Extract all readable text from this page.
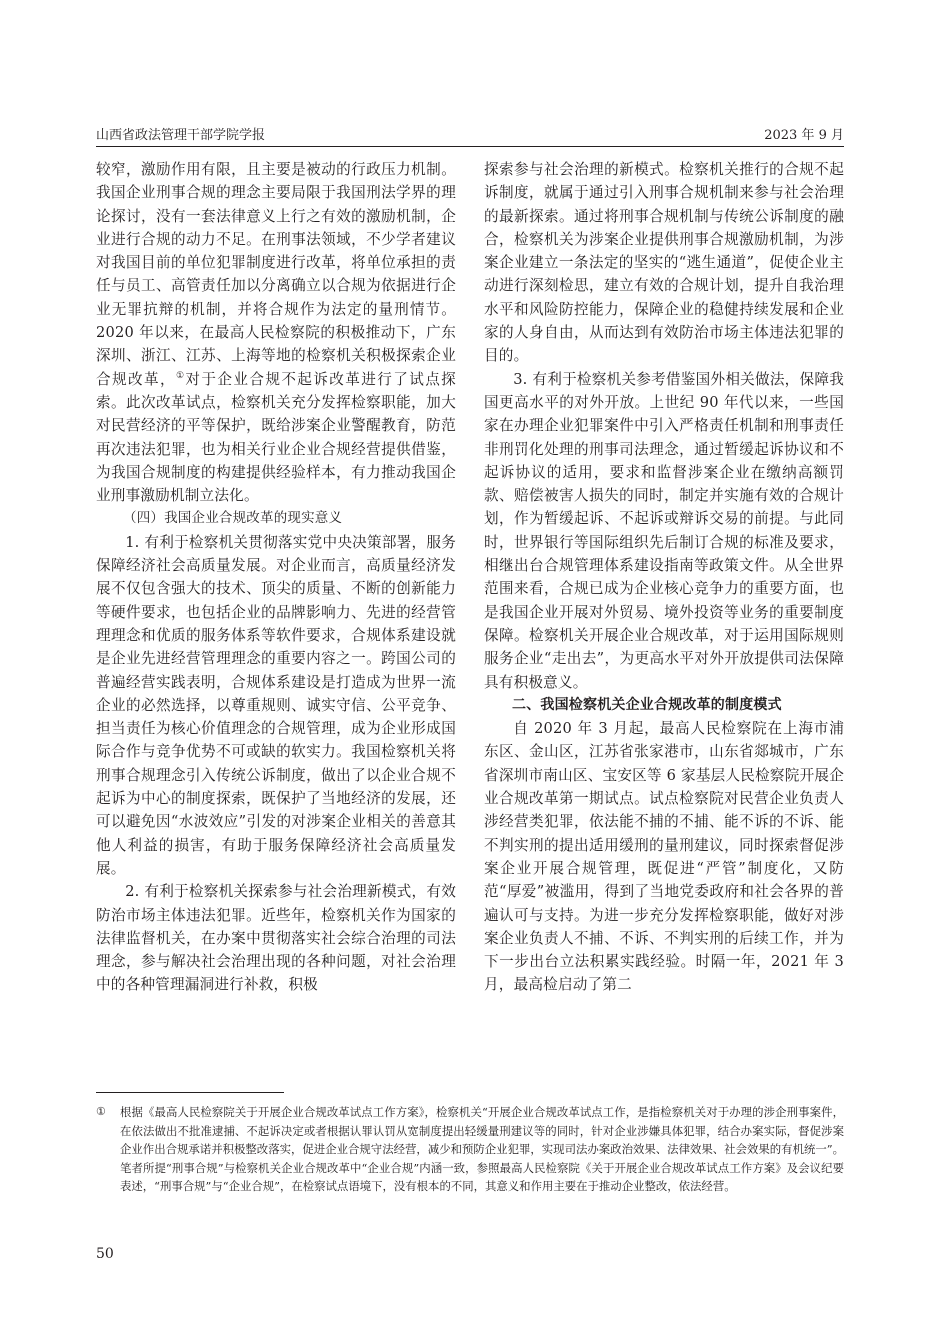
山西省政法管理干部学院学报	2023 年 9 月

较窄，激励作用有限，且主要是被动的行政压力机制。我国企业刑事合规的理念主要局限于我国刑法学界的理论探讨，没有一套法律意义上行之有效的激励机制，企业进行合规的动力不足。在刑事法领域，不少学者建议对我国目前的单位犯罪制度进行改革，将单位承担的责任与员工、高管责任加以分离确立以合规为依据进行企业无罪抗辩的机制，并将合规作为法定的量刑情节。2020 年以来，在最高人民检察院的积极推动下，广东深圳、浙江、江苏、上海等地的检察机关积极探索企业合规改革，①对于企业合规不起诉改革进行了试点探索。此次改革试点，检察机关充分发挥检察职能，加大对民营经济的平等保护，既给涉案企业警醒教育，防范再次违法犯罪，也为相关行业企业合规经营提供借鉴，为我国合规制度的构建提供经验样本，有力推动我国企业刑事激励机制立法化。

（四）我国企业合规改革的现实意义

1. 有利于检察机关贯彻落实党中央决策部署，服务保障经济社会高质量发展。对企业而言，高质量经济发展不仅包含强大的技术、顶尖的质量、不断的创新能力等硬件要求，也包括企业的品牌影响力、先进的经营管理理念和优质的服务体系等软件要求，合规体系建设就是企业先进经营管理理念的重要内容之一。跨国公司的普遍经营实践表明，合规体系建设是打造成为世界一流企业的必然选择，以尊重规则、诚实守信、公平竞争、担当责任为核心价值理念的合规管理，成为企业形成国际合作与竞争优势不可或缺的软实力。我国检察机关将刑事合规理念引入传统公诉制度，做出了以企业合规不起诉为中心的制度探索，既保护了当地经济的发展，还可以避免因“水波效应”引发的对涉案企业相关的善意其他人利益的损害，有助于服务保障经济社会高质量发展。

2. 有利于检察机关探索参与社会治理新模式，有效防治市场主体违法犯罪。近些年，检察机关作为国家的法律监督机关，在办案中贯彻落实社会综合治理的司法理念，参与解决社会治理出现的各种问题，对社会治理中的各种管理漏洞进行补救，积极

探索参与社会治理的新模式。检察机关推行的合规不起诉制度，就属于通过引入刑事合规机制来参与社会治理的最新探索。通过将刑事合规机制与传统公诉制度的融合，检察机关为涉案企业提供刑事合规激励机制，为涉案企业建立一条法定的坚实的“逃生通道”，促使企业主动进行深刻检思，建立有效的合规计划，提升自我治理水平和风险防控能力，保障企业的稳健持续发展和企业家的人身自由，从而达到有效防治市场主体违法犯罪的目的。

3. 有利于检察机关参考借鉴国外相关做法，保障我国更高水平的对外开放。上世纪 90 年代以来，一些国家在办理企业犯罪案件中引入严格责任机制和刑事责任非刑罚化处理的刑事司法理念，通过暂缓起诉协议和不起诉协议的适用，要求和监督涉案企业在缴纳高额罚款、赔偿被害人损失的同时，制定并实施有效的合规计划，作为暂缓起诉、不起诉或辩诉交易的前提。与此同时，世界银行等国际组织先后制订合规的标准及要求，相继出台合规管理体系建设指南等政策文件。从全世界范围来看，合规已成为企业核心竞争力的重要方面，也是我国企业开展对外贸易、境外投资等业务的重要制度保障。检察机关开展企业合规改革，对于运用国际规则服务企业“走出去”，为更高水平对外开放提供司法保障具有积极意义。

二、我国检察机关企业合规改革的制度模式

自 2020 年 3 月起，最高人民检察院在上海市浦东区、金山区，江苏省张家港市，山东省郯城市，广东省深圳市南山区、宝安区等 6 家基层人民检察院开展企业合规改革第一期试点。试点检察院对民营企业负责人涉经营类犯罪，依法能不捕的不捕、能不诉的不诉、能不判实刑的提出适用缓刑的量刑建议，同时探索督促涉案企业开展合规管理，既促进“严管”制度化，又防范“厚爱”被滥用，得到了当地党委政府和社会各界的普遍认可与支持。为进一步充分发挥检察职能，做好对涉案企业负责人不捕、不诉、不判实刑的后续工作，并为下一步出台立法积累实践经验。时隔一年，2021 年 3 月，最高检启动了第二

① 根据《最高人民检察院关于开展企业合规改革试点工作方案》，检察机关“开展企业合规改革试点工作，是指检察机关对于办理的涉企刑事案件，在依法做出不批准逮捕、不起诉决定或者根据认罪认罚从宽制度提出轻缓量刑建议等的同时，针对企业涉嫌具体犯罪，结合办案实际，督促涉案企业作出合规承诺并积极整改落实，促进企业合规守法经营，减少和预防企业犯罪，实现司法办案政治效果、法律效果、社会效果的有机统一”。笔者所提“刑事合规”与检察机关企业合规改革中“企业合规”内涵一致，参照最高人民检察院《关于开展企业合规改革试点工作方案》及会议纪要表述，“刑事合规”与“企业合规”，在检察试点语境下，没有根本的不同，其意义和作用主要在于推动企业整改，依法经营。
50
